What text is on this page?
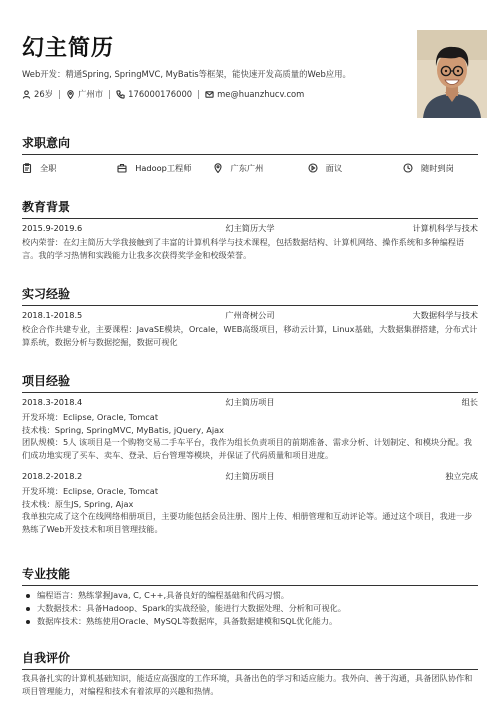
幻主简历
Web开发：精通Spring, SpringMVC, MyBatis等框架，能快速开发高质量的Web应用。
26岁	广州市	176000176000	me@huanzhucv.com
求职意向
全职	Hadoop工程师	广东广州	面议	随时到岗
教育背景
2015.9-2019.6	幻主简历大学	计算机科学与技术
校内荣誉：在幻主简历大学我接触到了丰富的计算机科学与技术课程，包括数据结构、计算机网络、操作系统和多种编程语言。我的学习热情和实践能力让我多次获得奖学金和校级荣誉。
实习经验
2018.1-2018.5	广州奇树公司	大数据科学与技术
校企合作共建专业，主要课程：JavaSE模块，Orcale，WEB高级项目，移动云计算，Linux基础，大数据集群搭建，分布式计算系统，数据分析与数据挖掘，数据可视化
项目经验
2018.3-2018.4	幻主简历项目	组长
开发环境：Eclipse, Oracle, Tomcat
技术栈：Spring, SpringMVC, MyBatis, jQuery, Ajax
团队规模：5人 该项目是一个购物交易二手车平台，我作为组长负责项目的前期准备、需求分析、计划制定、和模块分配。我们成功地实现了买车、卖车、登录、后台管理等模块，并保证了代码质量和项目进度。
2018.2-2018.2	幻主简历项目	独立完成
开发环境：Eclipse, Oracle, Tomcat
技术栈：原生JS, Spring, Ajax
我单独完成了这个在线网络相册项目，主要功能包括会员注册、图片上传、相册管理和互动评论等。通过这个项目，我进一步熟练了Web开发技术和项目管理技能。
专业技能
编程语言：熟练掌握Java, C, C++,具备良好的编程基础和代码习惯。
大数据技术：具备Hadoop、Spark的实战经验，能进行大数据处理、分析和可视化。
数据库技术：熟练使用Oracle、MySQL等数据库，具备数据建模和SQL优化能力。
自我评价
我具备扎实的计算机基础知识，能适应高强度的工作环境，具备出色的学习和适应能力。我外向、善于沟通，具备团队协作和项目管理能力，对编程和技术有着浓厚的兴趣和热情。
